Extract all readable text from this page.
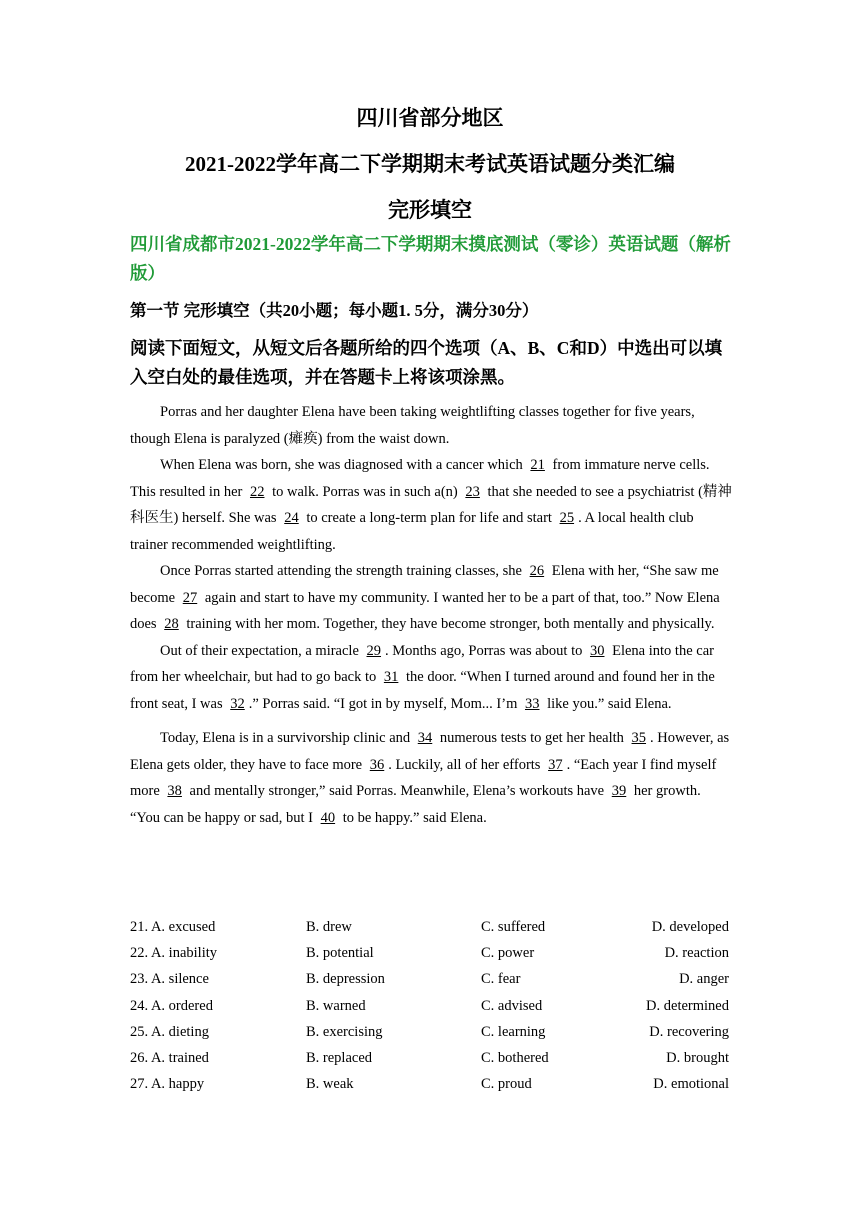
四川省部分地区

2021-2022学年高二下学期期末考试英语试题分类汇编

完形填空

四川省成都市2021-2022学年高二下学期期末摸底测试（零诊）英语试题（解析版）
第一节 完形填空（共20小题；每小题1. 5分，满分30分）
阅读下面短文，从短文后各题所给的四个选项（A、B、C和D）中选出可以填入空白处的最佳选项，并在答题卡上将该项涂黑。

Porras and her daughter Elena have been taking weightlifting classes together for five years, though Elena is paralyzed (瘫痪) from the waist down.

When Elena was born, she was diagnosed with a cancer which 21 from immature nerve cells. This resulted in her 22 to walk. Porras was in such a(n) 23 that she needed to see a psychiatrist (精神科医生) herself. She was 24 to create a long-term plan for life and start 25 . A local health club trainer recommended weightlifting.

Once Porras started attending the strength training classes, she 26 Elena with her, “She saw me become 27 again and start to have my community. I wanted her to be a part of that, too.” Now Elena does 28 training with her mom. Together, they have become stronger, both mentally and physically.

Out of their expectation, a miracle 29 . Months ago, Porras was about to 30 Elena into the car from her wheelchair, but had to go back to 31 the door. “When I turned around and found her in the front seat, I was 32 .” Porras said. “I got in by myself, Mom... I’m 33 like you.” said Elena.

Today, Elena is in a survivorship clinic and 34 numerous tests to get her health 35 . However, as Elena gets older, they have to face more 36 . Luckily, all of her efforts 37 . “Each year I find myself more 38 and mentally stronger,” said Porras. Meanwhile, Elena’s workouts have 39 her growth. “You can be happy or sad, but I 40 to be happy.” said Elena.

21. A. excused	B. drew	C. suffered	D. developed
22. A. inability	B. potential	C. power	D. reaction
23. A. silence	B. depression	C. fear	D. anger
24. A. ordered	B. warned	C. advised	D. determined
25. A. dieting	B. exercising	C. learning	D. recovering
26. A. trained	B. replaced	C. bothered	D. brought
27. A. happy	B. weak	C. proud	D. emotional
